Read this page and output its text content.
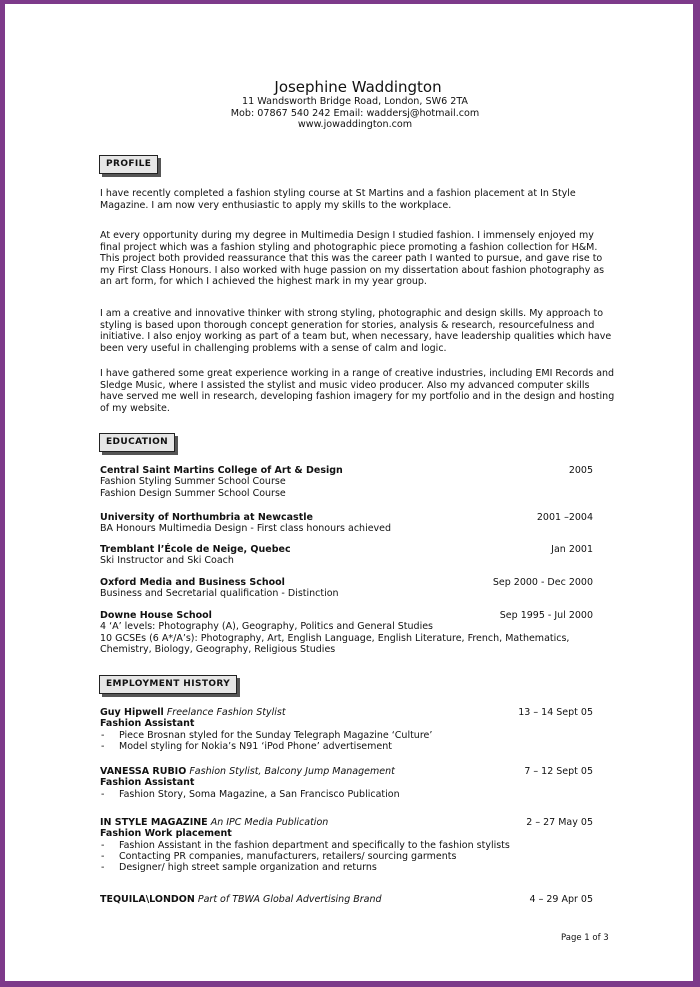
Josephine Waddington
11 Wandsworth Bridge Road, London, SW6 2TA
Mob: 07867 540 242 Email: waddersj@hotmail.com
www.jowaddington.com
PROFILE
I have recently completed a fashion styling course at St Martins and a fashion placement at In Style Magazine. I am now very enthusiastic to apply my skills to the workplace.
At every opportunity during my degree in Multimedia Design I studied fashion. I immensely enjoyed my final project which was a fashion styling and photographic piece promoting a fashion collection for H&M. This project both provided reassurance that this was the career path I wanted to pursue, and gave rise to my First Class Honours. I also worked with huge passion on my dissertation about fashion photography as an art form, for which I achieved the highest mark in my year group.
I am a creative and innovative thinker with strong styling, photographic and design skills. My approach to styling is based upon thorough concept generation for stories, analysis & research, resourcefulness and initiative. I also enjoy working as part of a team but, when necessary, have leadership qualities which have been very useful in challenging problems with a sense of calm and logic.
I have gathered some great experience working in a range of creative industries, including EMI Records and Sledge Music, where I assisted the stylist and music video producer. Also my advanced computer skills have served me well in research, developing fashion imagery for my portfolio and in the design and hosting of my website.
EDUCATION
Central Saint Martins College of Art & Design	2005
Fashion Styling Summer School Course
Fashion Design Summer School Course
University of Northumbria at Newcastle	2001 –2004
BA Honours Multimedia Design - First class honours achieved
Tremblant l’École de Neige, Quebec	Jan 2001
Ski Instructor and Ski Coach
Oxford Media and Business School	Sep 2000 - Dec 2000
Business and Secretarial qualification - Distinction
Downe House School	Sep 1995 - Jul 2000
4 ‘A’ levels: Photography (A), Geography, Politics and General Studies
10 GCSEs (6 A*/A’s): Photography, Art, English Language, English Literature, French, Mathematics,
Chemistry, Biology, Geography, Religious Studies
EMPLOYMENT HISTORY
Guy Hipwell Freelance Fashion Stylist	13 – 14 Sept 05
Fashion Assistant
- Piece Brosnan styled for the Sunday Telegraph Magazine ‘Culture’
- Model styling for Nokia’s N91 ‘iPod Phone’ advertisement
VANESSA RUBIO Fashion Stylist, Balcony Jump Management	7 – 12 Sept 05
Fashion Assistant
- Fashion Story, Soma Magazine, a San Francisco Publication
IN STYLE MAGAZINE An IPC Media Publication	2 – 27 May 05
Fashion Work placement
- Fashion Assistant in the fashion department and specifically to the fashion stylists
- Contacting PR companies, manufacturers, retailers/ sourcing garments
- Designer/ high street sample organization and returns
TEQUILA\LONDON Part of TBWA Global Advertising Brand	4 – 29 Apr 05
Page 1 of 3
